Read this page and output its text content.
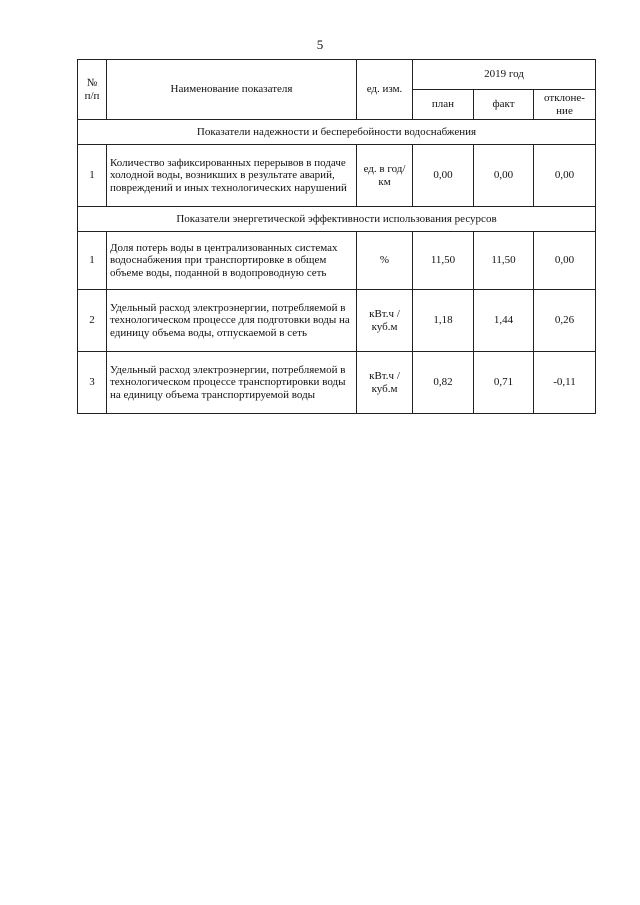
5
№ п/п	Наименование показателя	ед. изм.	2019 год		
			план	факт	отклоне- ние
Показатели надежности и бесперебойности водоснабжения					
1	Количество зафиксированных перерывов в подаче холодной воды, возникших в результате аварий, повреждений и иных технологических нарушений	ед. в год/ км	0,00	0,00	0,00
Показатели энергетической эффективности использования ресурсов					
1	Доля потерь воды в централизованных системах водоснабжения при транспортировке в общем объеме воды, поданной в водопроводную сеть	%	11,50	11,50	0,00
2	Удельный расход электроэнергии, потребляемой в технологическом процессе для подготовки воды на единицу объема воды, отпускаемой в сеть	кВт.ч / куб.м	1,18	1,44	0,26
3	Удельный расход электроэнергии, потребляемой в технологическом процессе транспортировки воды на единицу объема транспортируемой воды	кВт.ч / куб.м	0,82	0,71	-0,11
